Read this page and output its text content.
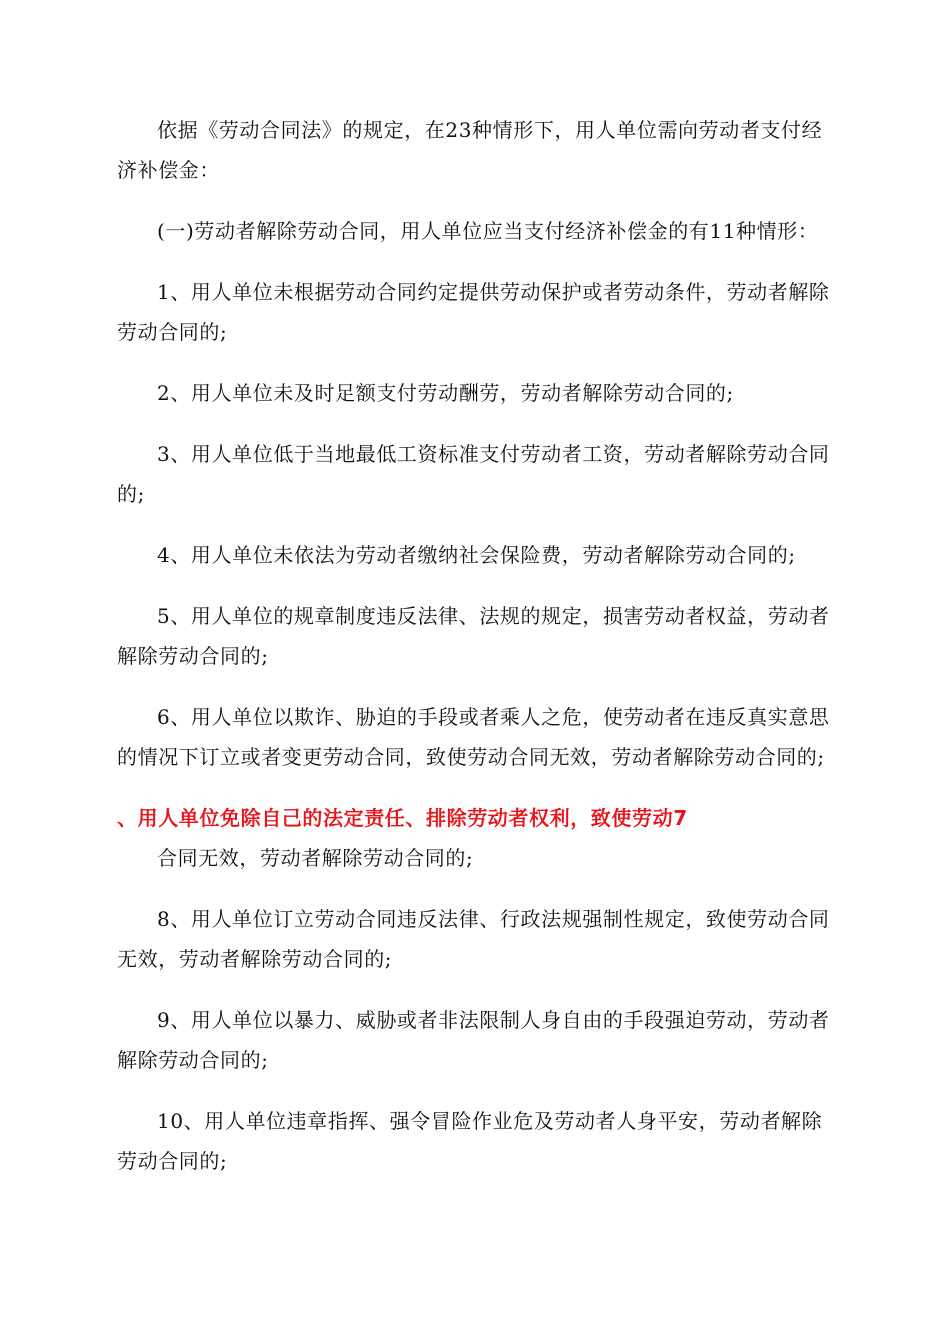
依据《劳动合同法》的规定，在23种情形下，用人单位需向劳动者支付经济补偿金：

(一)劳动者解除劳动合同，用人单位应当支付经济补偿金的有11种情形：

1、用人单位未根据劳动合同约定提供劳动保护或者劳动条件，劳动者解除劳动合同的;

2、用人单位未及时足额支付劳动酬劳，劳动者解除劳动合同的;

3、用人单位低于当地最低工资标准支付劳动者工资，劳动者解除劳动合同的;

4、用人单位未依法为劳动者缴纳社会保险费，劳动者解除劳动合同的;

5、用人单位的规章制度违反法律、法规的规定，损害劳动者权益，劳动者解除劳动合同的;

6、用人单位以欺诈、胁迫的手段或者乘人之危，使劳动者在违反真实意思的情况下订立或者变更劳动合同，致使劳动合同无效，劳动者解除劳动合同的;

、用人单位免除自己的法定责任、排除劳动者权利，致使劳动7

合同无效，劳动者解除劳动合同的;

8、用人单位订立劳动合同违反法律、行政法规强制性规定，致使劳动合同无效，劳动者解除劳动合同的;

9、用人单位以暴力、威胁或者非法限制人身自由的手段强迫劳动，劳动者解除劳动合同的;

10、用人单位违章指挥、强令冒险作业危及劳动者人身平安，劳动者解除劳动合同的;
